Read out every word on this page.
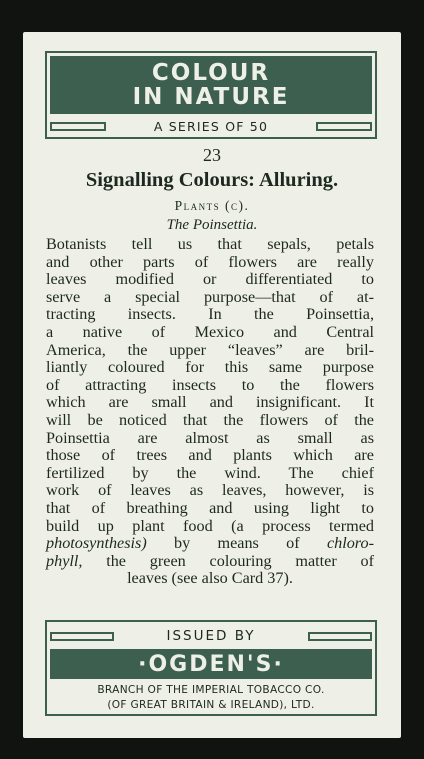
COLOUR
IN NATURE
A SERIES OF 50
23
Signalling Colours: Alluring.
Plants (c).
The Poinsettia.
Botanists tell us that sepals, petals
and other parts of flowers are really
leaves modified or differentiated to
serve a special purpose—that of at-
tracting insects. In the Poinsettia,
a native of Mexico and Central
America, the upper “leaves” are bril-
liantly coloured for this same purpose
of attracting insects to the flowers
which are small and insignificant. It
will be noticed that the flowers of the
Poinsettia are almost as small as
those of trees and plants which are
fertilized by the wind. The chief
work of leaves as leaves, however, is
that of breathing and using light to
build up plant food (a process termed
photosynthesis) by means of chloro-
phyll, the green colouring matter of
leaves (see also Card 37).
ISSUED BY
·OGDEN'S·
BRANCH OF THE IMPERIAL TOBACCO CO.
(OF GREAT BRITAIN & IRELAND), LTD.
